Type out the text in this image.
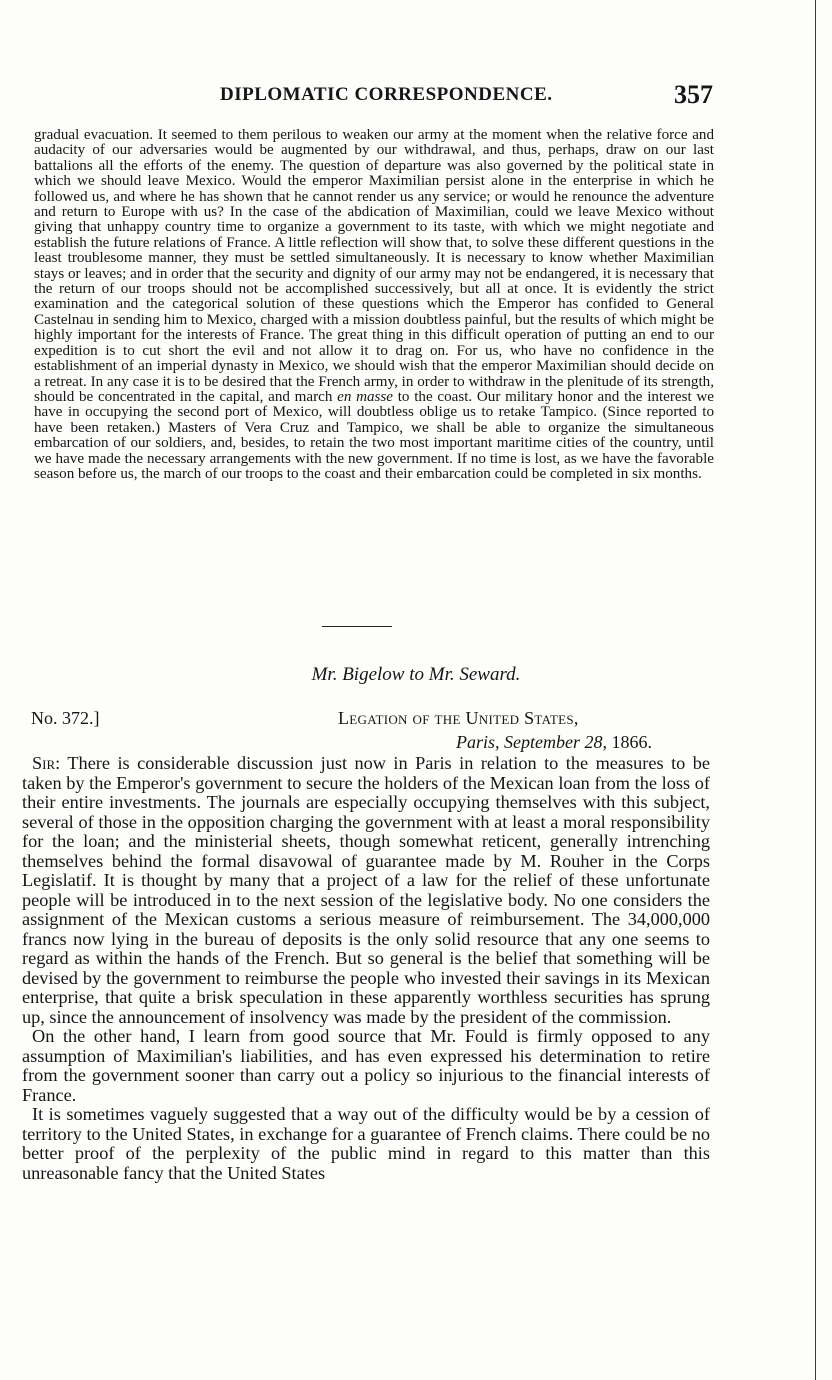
DIPLOMATIC CORRESPONDENCE.	357

gradual evacuation. It seemed to them perilous to weaken our army at the moment when the relative force and audacity of our adversaries would be augmented by our withdrawal, and thus, perhaps, draw on our last battalions all the efforts of the enemy. The question of departure was also governed by the political state in which we should leave Mexico. Would the emperor Maximilian persist alone in the enterprise in which he followed us, and where he has shown that he cannot render us any service; or would he renounce the adventure and return to Europe with us? In the case of the abdication of Maximilian, could we leave Mexico without giving that unhappy country time to organize a government to its taste, with which we might negotiate and establish the future relations of France. A little reflection will show that, to solve these different questions in the least troublesome manner, they must be settled simultaneously. It is necessary to know whether Maximilian stays or leaves; and in order that the security and dignity of our army may not be endangered, it is necessary that the return of our troops should not be accomplished successively, but all at once. It is evidently the strict examination and the categorical solution of these questions which the Emperor has confided to General Castelnau in sending him to Mexico, charged with a mission doubtless painful, but the results of which might be highly important for the interests of France. The great thing in this difficult operation of putting an end to our expedition is to cut short the evil and not allow it to drag on. For us, who have no confidence in the establishment of an imperial dynasty in Mexico, we should wish that the emperor Maximilian should decide on a retreat. In any case it is to be desired that the French army, in order to withdraw in the plenitude of its strength, should be concentrated in the capital, and march en masse to the coast. Our military honor and the interest we have in occupying the second port of Mexico, will doubtless oblige us to retake Tampico. (Since reported to have been retaken.) Masters of Vera Cruz and Tampico, we shall be able to organize the simultaneous embarcation of our soldiers, and, besides, to retain the two most important maritime cities of the country, until we have made the necessary arrangements with the new government. If no time is lost, as we have the favorable season before us, the march of our troops to the coast and their embarcation could be completed in six months.

Mr. Bigelow to Mr. Seward.
No. 372.]	Legation of the United States,
Paris, September 28, 1866.

Sir: There is considerable discussion just now in Paris in relation to the measures to be taken by the Emperor's government to secure the holders of the Mexican loan from the loss of their entire investments. The journals are especially occupying themselves with this subject, several of those in the opposition charging the government with at least a moral responsibility for the loan; and the ministerial sheets, though somewhat reticent, generally intrenching themselves behind the formal disavowal of guarantee made by M. Rouher in the Corps Legislatif. It is thought by many that a project of a law for the relief of these unfortunate people will be introduced in to the next session of the legislative body. No one considers the assignment of the Mexican customs a serious measure of reimbursement. The 34,000,000 francs now lying in the bureau of deposits is the only solid resource that any one seems to regard as within the hands of the French. But so general is the belief that something will be devised by the government to reimburse the people who invested their savings in its Mexican enterprise, that quite a brisk speculation in these apparently worthless securities has sprung up, since the announcement of insolvency was made by the president of the commission.

On the other hand, I learn from good source that Mr. Fould is firmly opposed to any assumption of Maximilian's liabilities, and has even expressed his determination to retire from the government sooner than carry out a policy so injurious to the financial interests of France.

It is sometimes vaguely suggested that a way out of the difficulty would be by a cession of territory to the United States, in exchange for a guarantee of French claims. There could be no better proof of the perplexity of the public mind in regard to this matter than this unreasonable fancy that the United States
